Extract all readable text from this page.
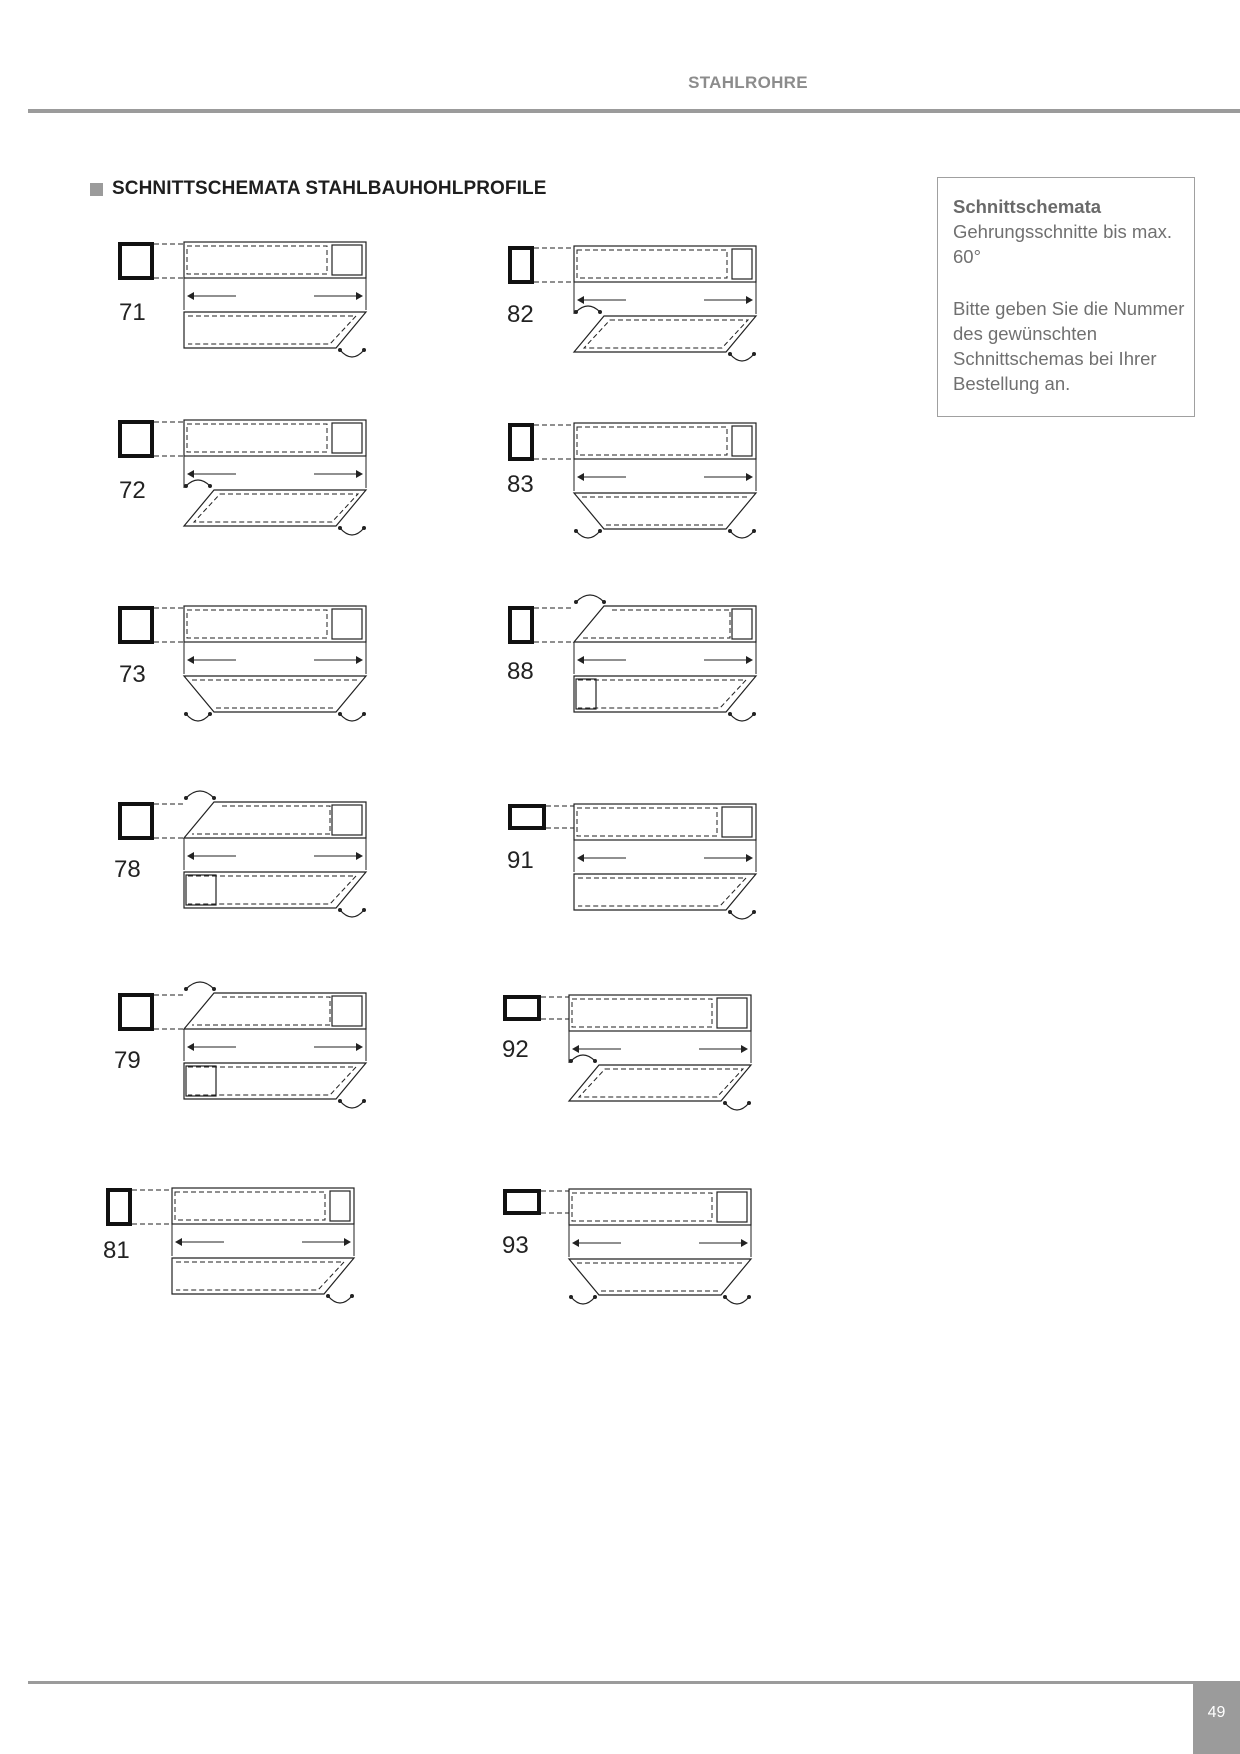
STAHLROHRE
SCHNITTSCHEMATA STAHLBAUHOHLPROFILE

Schnittschemata

Gehrungsschnitte bis max. 60°

Bitte geben Sie die Nummer des gewünschten Schnittschemas bei Ihrer Bestellung an.

71
72
73
78
79
81
82
83
88
91
92
93
49
